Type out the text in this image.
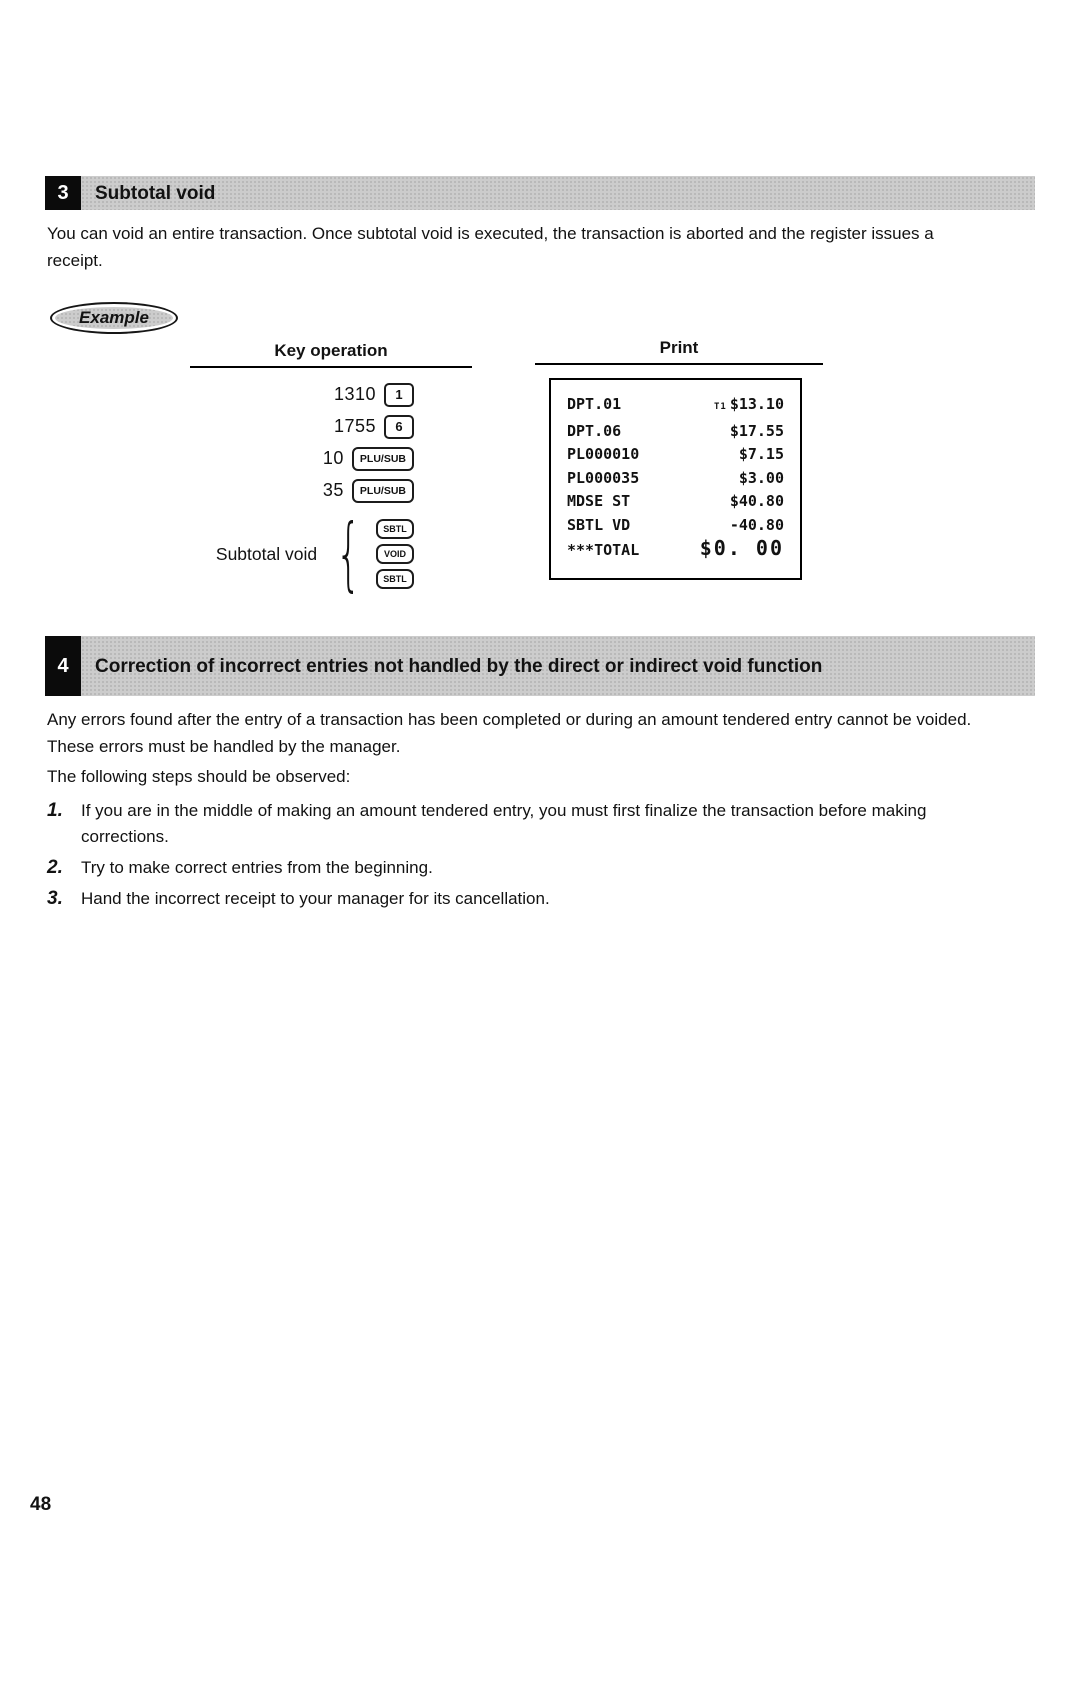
3	Subtotal void
You can void an entire transaction. Once subtotal void is executed, the transaction is aborted and the register issues a receipt.
Example
Key operation	Print
1310	1
1755	6
10	PLU/SUB
35	PLU/SUB
Subtotal void
{
SBTL
VOID
SBTL
DPT.01	T1 $13.10
DPT.06	$17.55
PL000010	$7.15
PL000035	$3.00
MDSE ST	$40.80
SBTL VD	-40.80
***TOTAL	$0. 00
4	Correction of incorrect entries not handled by the direct or indirect void function

Any errors found after the entry of a transaction has been completed or during an amount tendered entry cannot be voided. These errors must be handled by the manager.

The following steps should be observed:

1.	If you are in the middle of making an amount tendered entry, you must first finalize the transaction before making corrections.
2.	Try to make correct entries from the beginning.
3.	Hand the incorrect receipt to your manager for its cancellation.
48
